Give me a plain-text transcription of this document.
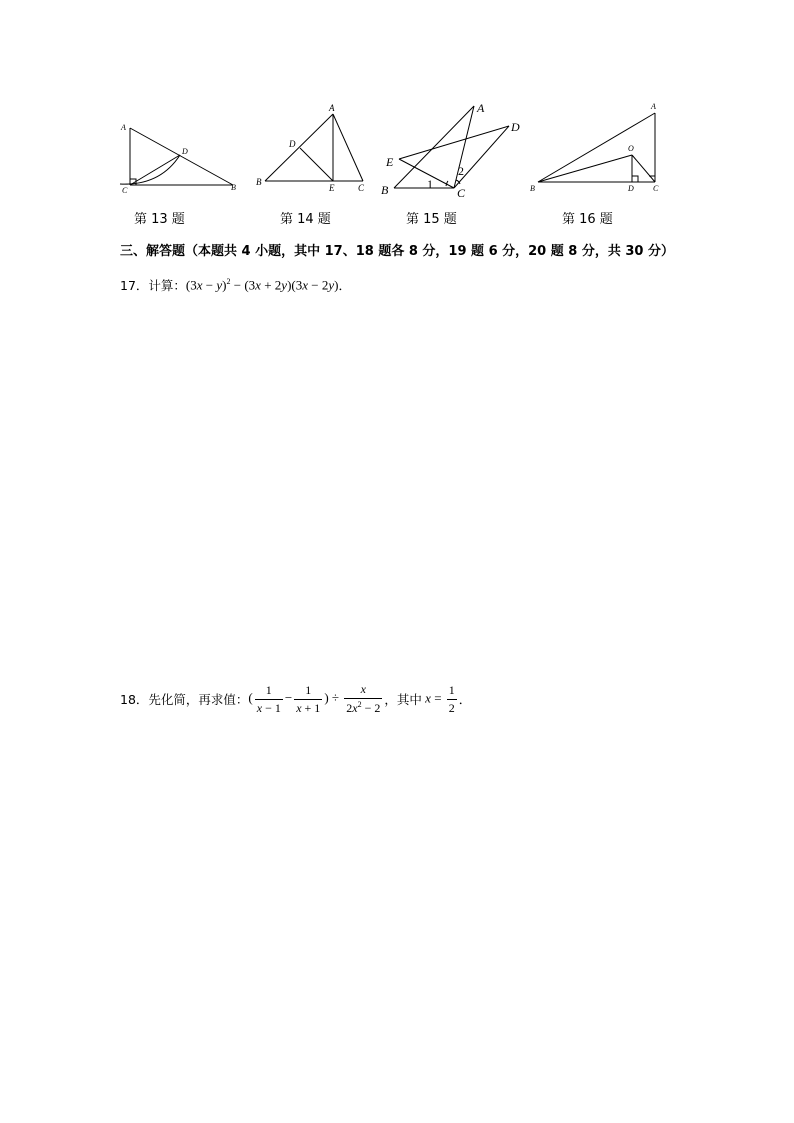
A
D
C	B
A
D
B
E	C
A
D
E
2
1
B	C
A
O
B	D C
第 13 题	第 14 题	第 15 题	第 16 题
三、解答题（本题共 4 小题，其中 17、18 题各 8 分，19 题 6 分，20 题 8 分，共 30 分）
17．计算： $(3x - y)^2 - (3x + 2y)(3x - 2y)$ ．
18．先化简，再求值： ( $\frac{1}{x - 1} - \frac{1}{x + 1}$ ) ÷ $\frac{x}{2x^2 - 2}$ ，其中 $x = \frac{1}{2}$ ．
